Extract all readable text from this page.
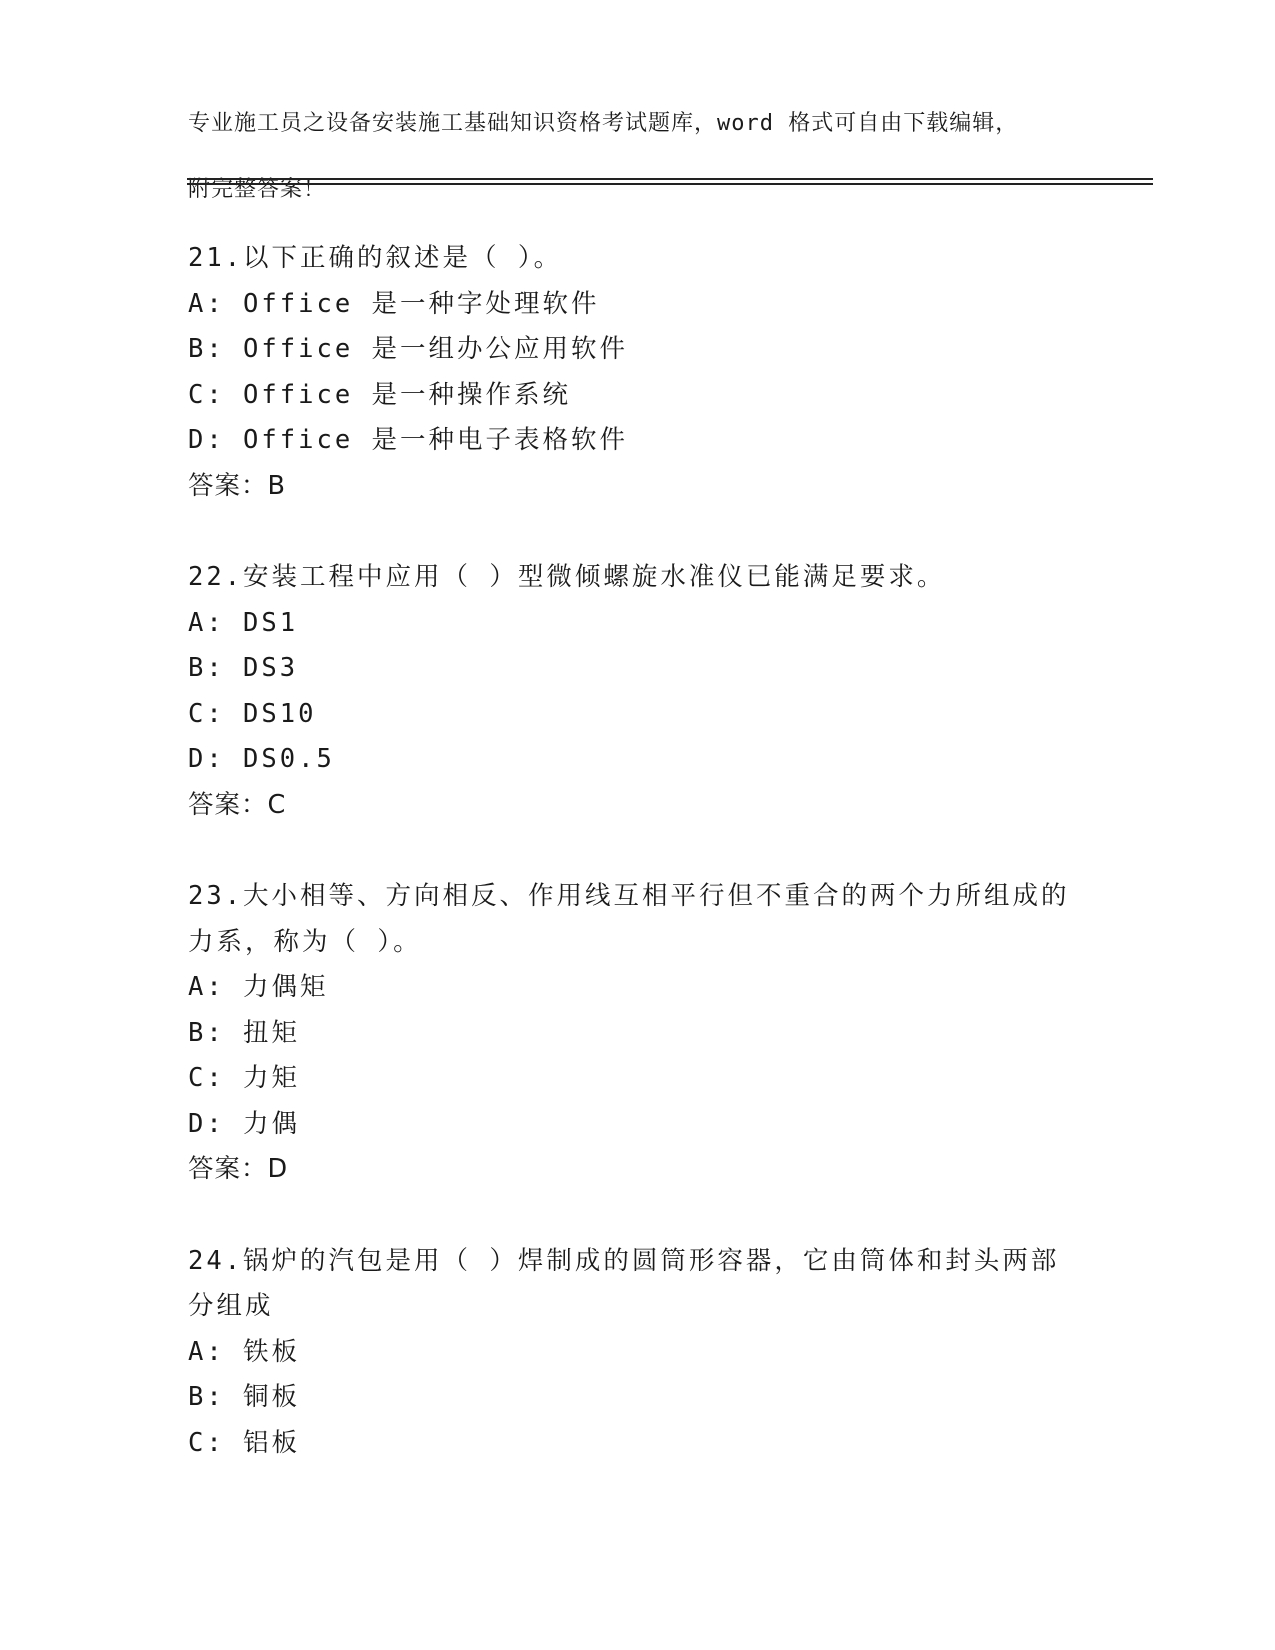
专业施工员之设备安装施工基础知识资格考试题库，word 格式可自由下载编辑，

附完整答案！

21.以下正确的叙述是（ ）。
A: Office 是一种字处理软件
B: Office 是一组办公应用软件
C: Office 是一种操作系统
D: Office 是一种电子表格软件
答案：B
22.安装工程中应用（ ）型微倾螺旋水准仪已能满足要求。
A: DS1
B: DS3
C: DS10
D: DS0.5
答案：C
23.大小相等、方向相反、作用线互相平行但不重合的两个力所组成的
力系，称为（ ）。
A: 力偶矩
B: 扭矩
C: 力矩
D: 力偶
答案：D
24.锅炉的汽包是用（ ）焊制成的圆筒形容器，它由筒体和封头两部
分组成
A: 铁板
B: 铜板
C: 铝板
